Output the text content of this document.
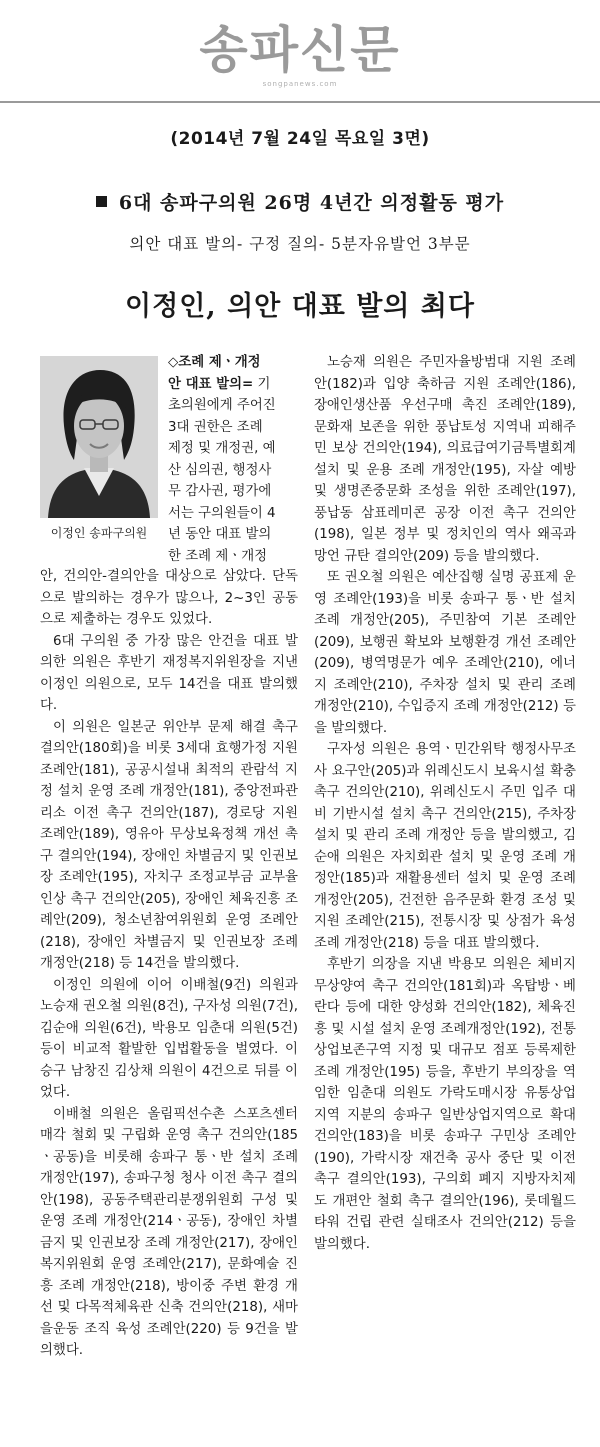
송파신문
songpanews.com
(2014년 7월 24일 목요일 3면)
6대 송파구의원 26명 4년간 의정활동 평가
의안 대표 발의- 구정 질의- 5분자유발언 3부문
이정인, 의안 대표 발의 최다
이정인 송파구의원
◇조례 제ㆍ개정
안 대표 발의= 기
초의원에게 주어진
3대 권한은 조례
제정 및 개정권, 예
산 심의권, 행정사
무 감사권, 평가에
서는 구의원들이 4
년 동안 대표 발의
한 조례 제ㆍ개정

안, 건의안-결의안을 대상으로 삼았다. 단독으로 발의하는 경우가 많으나, 2~3인 공동으로 제출하는 경우도 있었다.

6대 구의원 중 가장 많은 안건을 대표 발의한 의원은 후반기 재정복지위원장을 지낸 이정인 의원으로, 모두 14건을 대표 발의했다.

이 의원은 일본군 위안부 문제 해결 촉구 결의안(180회)을 비롯 3세대 효행가정 지원 조례안(181), 공공시설내 최적의 관람석 지정 설치 운영 조례 개정안(181), 중앙전파관리소 이전 촉구 건의안(187), 경로당 지원 조례안(189), 영유아 무상보육정책 개선 촉구 결의안(194), 장애인 차별금지 및 인권보장 조례안(195), 자치구 조정교부금 교부율 인상 촉구 건의안(205), 장애인 체육진흥 조례안(209), 청소년참여위원회 운영 조례안(218), 장애인 차별금지 및 인권보장 조례 개정안(218) 등 14건을 발의했다.

이정인 의원에 이어 이배철(9건) 의원과 노승재 권오철 의원(8건), 구자성 의원(7건), 김순애 의원(6건), 박용모 임춘대 의원(5건) 등이 비교적 활발한 입법활동을 벌였다. 이승구 남창진 김상채 의원이 4건으로 뒤를 이었다.

이배철 의원은 올림픽선수촌 스포츠센터 매각 철회 및 구립화 운영 촉구 건의안(185ㆍ공동)을 비롯해 송파구 통ㆍ반 설치 조례 개정안(197), 송파구청 청사 이전 촉구 결의안(198), 공동주택관리분쟁위원회 구성 및 운영 조례 개정안(214ㆍ공동), 장애인 차별금지 및 인권보장 조례 개정안(217), 장애인복지위원회 운영 조례안(217), 문화예술 진흥 조례 개정안(218), 방이중 주변 환경 개선 및 다목적체육관 신축 건의안(218), 새마을운동 조직 육성 조례안(220) 등 9건을 발의했다.

노승재 의원은 주민자율방범대 지원 조례안(182)과 입양 축하금 지원 조례안(186), 장애인생산품 우선구매 촉진 조례안(189), 문화재 보존을 위한 풍납토성 지역내 피해주민 보상 건의안(194), 의료급여기금특별회계 설치 및 운용 조례 개정안(195), 자살 예방 및 생명존중문화 조성을 위한 조례안(197), 풍납동 삼표레미콘 공장 이전 촉구 건의안(198), 일본 정부 및 정치인의 역사 왜곡과 망언 규탄 결의안(209) 등을 발의했다.

또 권오철 의원은 예산집행 실명 공표제 운영 조례안(193)을 비롯 송파구 통ㆍ반 설치 조례 개정안(205), 주민참여 기본 조례안(209), 보행권 확보와 보행환경 개선 조례안(209), 병역명문가 예우 조례안(210), 에너지 조례안(210), 주차장 설치 및 관리 조례 개정안(210), 수입증지 조례 개정안(212) 등을 발의했다.

구자성 의원은 용역ㆍ민간위탁 행정사무조사 요구안(205)과 위례신도시 보육시설 확충 촉구 건의안(210), 위례신도시 주민 입주 대비 기반시설 설치 촉구 건의안(215), 주차장 설치 및 관리 조례 개정안 등을 발의했고, 김순애 의원은 자치회관 설치 및 운영 조례 개정안(185)과 재활용센터 설치 및 운영 조례 개정안(205), 건전한 음주문화 환경 조성 및 지원 조례안(215), 전통시장 및 상점가 육성 조례 개정안(218) 등을 대표 발의했다.

후반기 의장을 지낸 박용모 의원은 체비지 무상양여 촉구 건의안(181회)과 옥탑방ㆍ베란다 등에 대한 양성화 건의안(182), 체육진흥 및 시설 설치 운영 조례개정안(192), 전통상업보존구역 지정 및 대규모 점포 등록제한 조례 개정안(195) 등을, 후반기 부의장을 역임한 임춘대 의원도 가락도매시장 유통상업지역 지분의 송파구 일반상업지역으로 확대 건의안(183)을 비롯 송파구 구민상 조례안(190), 가락시장 재건축 공사 중단 및 이전 촉구 결의안(193), 구의회 폐지 지방자치제도 개편안 철회 촉구 결의안(196), 롯데월드타워 건립 관련 실태조사 건의안(212) 등을 발의했다.
